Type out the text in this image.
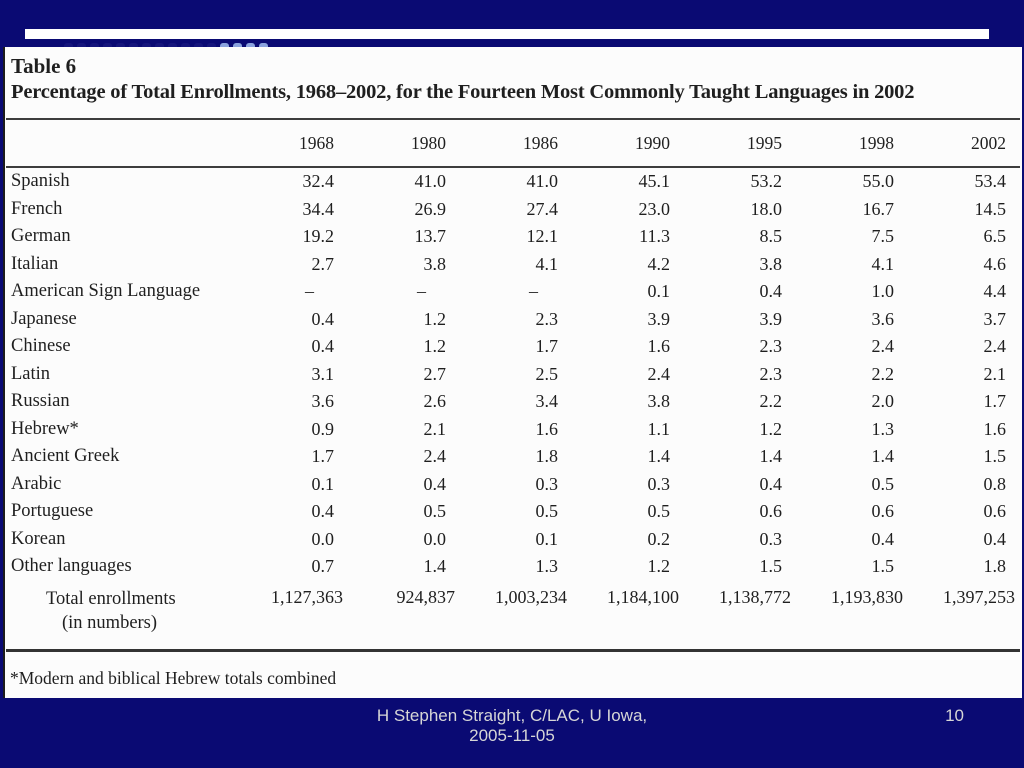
Table 6
Percentage of Total Enrollments, 1968–2002, for the Fourteen Most Commonly Taught Languages in 2002
	1968	1980	1986	1990	1995	1998	2002
Spanish	32.4	41.0	41.0	45.1	53.2	55.0	53.4
French	34.4	26.9	27.4	23.0	18.0	16.7	14.5
German	19.2	13.7	12.1	11.3	8.5	7.5	6.5
Italian	2.7	3.8	4.1	4.2	3.8	4.1	4.6
American Sign Language	–	–	–	0.1	0.4	1.0	4.4
Japanese	0.4	1.2	2.3	3.9	3.9	3.6	3.7
Chinese	0.4	1.2	1.7	1.6	2.3	2.4	2.4
Latin	3.1	2.7	2.5	2.4	2.3	2.2	2.1
Russian	3.6	2.6	3.4	3.8	2.2	2.0	1.7
Hebrew*	0.9	2.1	1.6	1.1	1.2	1.3	1.6
Ancient Greek	1.7	2.4	1.8	1.4	1.4	1.4	1.5
Arabic	0.1	0.4	0.3	0.3	0.4	0.5	0.8
Portuguese	0.4	0.5	0.5	0.5	0.6	0.6	0.6
Korean	0.0	0.0	0.1	0.2	0.3	0.4	0.4
Other languages	0.7	1.4	1.3	1.2	1.5	1.5	1.8

Total enrollments
(in numbers)	1,127,363	924,837	1,003,234	1,184,100	1,138,772	1,193,830	1,397,253
*Modern and biblical Hebrew totals combined
H Stephen Straight, C/LAC, U Iowa,
2005-11-05
10
